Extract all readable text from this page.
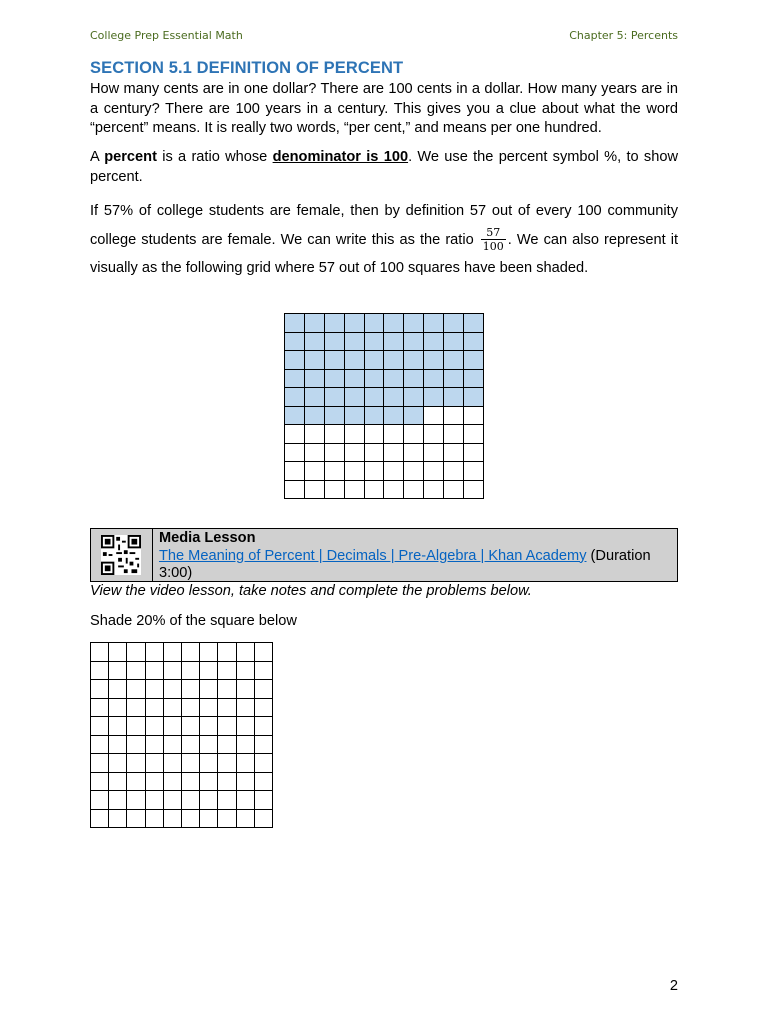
College Prep Essential Math	Chapter 5: Percents
SECTION 5.1 DEFINITION OF PERCENT
How many cents are in one dollar? There are 100 cents in a dollar. How many years are in a century? There are 100 years in a century. This gives you a clue about what the word “percent” means. It is really two words, “per cent,” and means per one hundred.
A percent is a ratio whose denominator is 100. We use the percent symbol %, to show percent.
If 57% of college students are female, then by definition 57 out of every 100 community college students are female. We can write this as the ratio $\frac{57}{100}$ . We can also represent it visually as the following grid where 57 out of 100 squares have been shaded.
Media Lesson
The Meaning of Percent | Decimals | Pre-Algebra | Khan Academy (Duration 3:00)
View the video lesson, take notes and complete the problems below.
Shade 20% of the square below
2
